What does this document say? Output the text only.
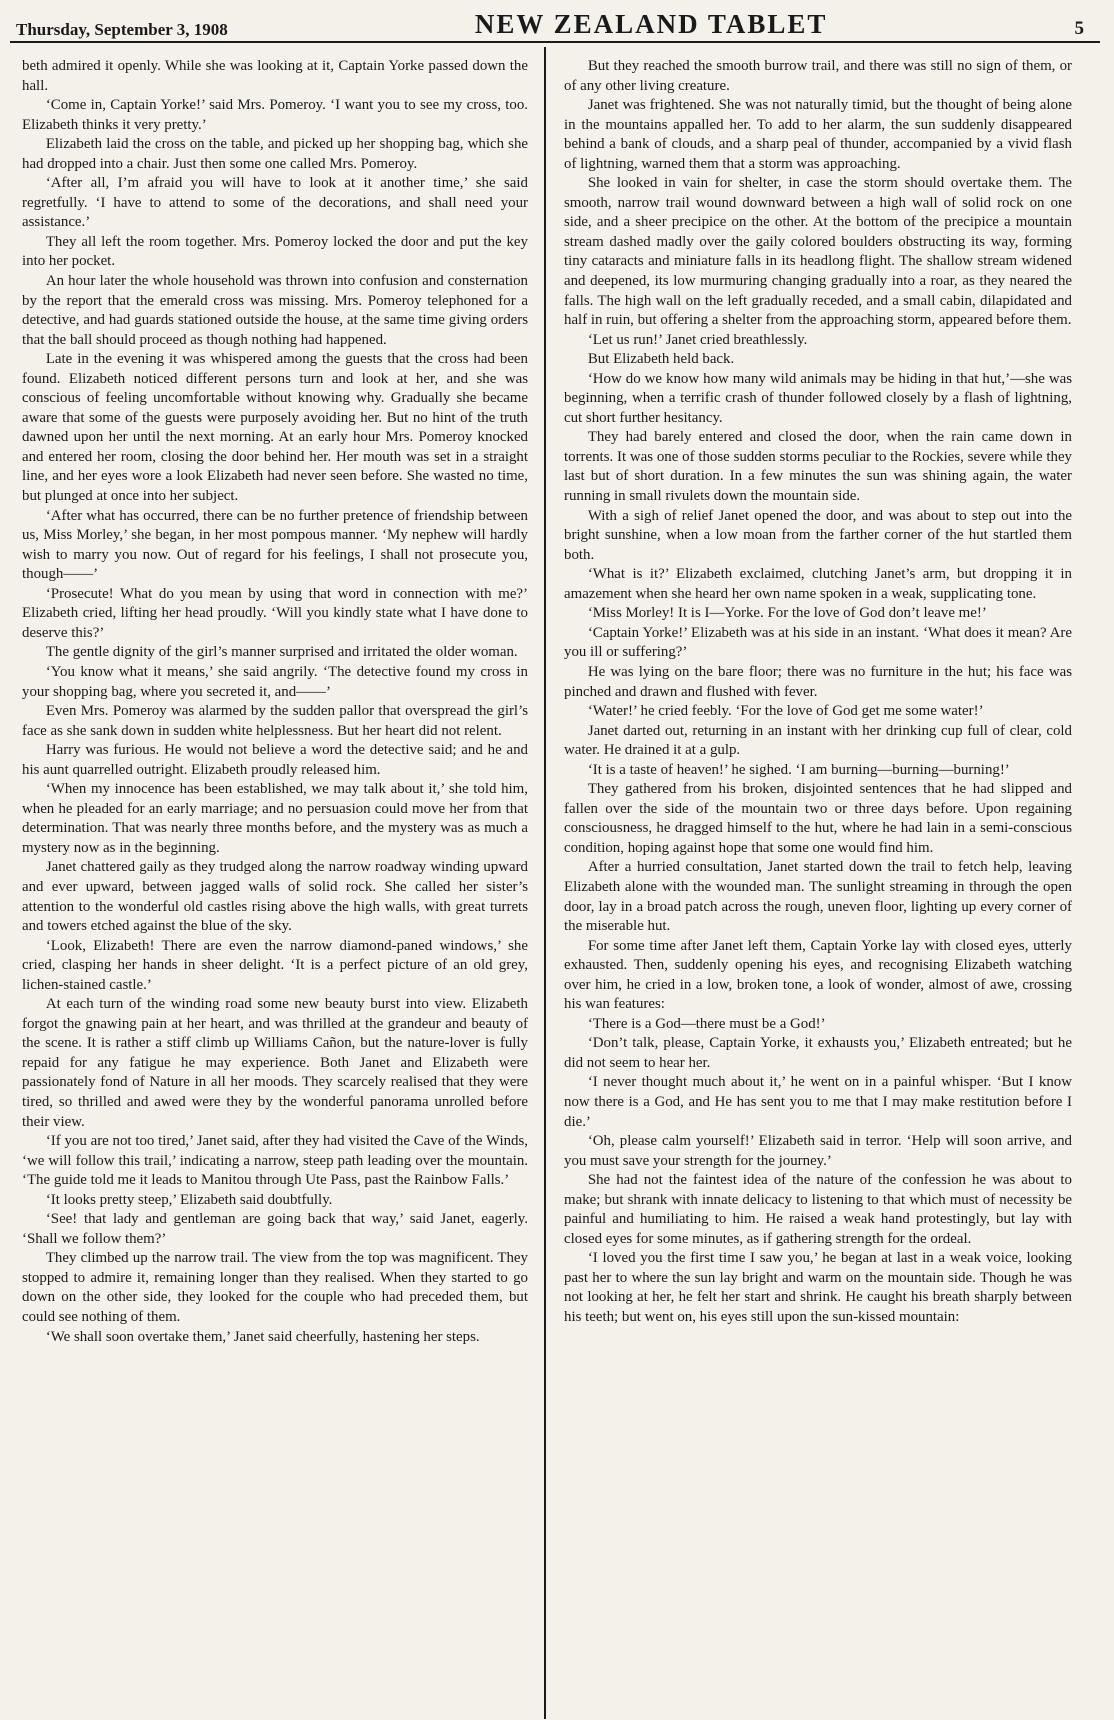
Thursday, September 3, 1908	NEW ZEALAND TABLET	5

beth admired it openly. While she was looking at it, Captain Yorke passed down the hall.

‘Come in, Captain Yorke!’ said Mrs. Pomeroy. ‘I want you to see my cross, too. Elizabeth thinks it very pretty.’

Elizabeth laid the cross on the table, and picked up her shopping bag, which she had dropped into a chair. Just then some one called Mrs. Pomeroy.

‘After all, I’m afraid you will have to look at it another time,’ she said regretfully. ‘I have to attend to some of the decorations, and shall need your assistance.’

They all left the room together. Mrs. Pomeroy locked the door and put the key into her pocket.

An hour later the whole household was thrown into confusion and consternation by the report that the emerald cross was missing. Mrs. Pomeroy telephoned for a detective, and had guards stationed outside the house, at the same time giving orders that the ball should proceed as though nothing had happened.

Late in the evening it was whispered among the guests that the cross had been found. Elizabeth noticed different persons turn and look at her, and she was conscious of feeling uncomfortable without knowing why. Gradually she became aware that some of the guests were purposely avoiding her. But no hint of the truth dawned upon her until the next morning. At an early hour Mrs. Pomeroy knocked and entered her room, closing the door behind her. Her mouth was set in a straight line, and her eyes wore a look Elizabeth had never seen before. She wasted no time, but plunged at once into her subject.

‘After what has occurred, there can be no further pretence of friendship between us, Miss Morley,’ she began, in her most pompous manner. ‘My nephew will hardly wish to marry you now. Out of regard for his feelings, I shall not prosecute you, though——’

‘Prosecute! What do you mean by using that word in connection with me?’ Elizabeth cried, lifting her head proudly. ‘Will you kindly state what I have done to deserve this?’

The gentle dignity of the girl’s manner surprised and irritated the older woman.

‘You know what it means,’ she said angrily. ‘The detective found my cross in your shopping bag, where you secreted it, and——’

Even Mrs. Pomeroy was alarmed by the sudden pallor that overspread the girl’s face as she sank down in sudden white helplessness. But her heart did not relent.

Harry was furious. He would not believe a word the detective said; and he and his aunt quarrelled outright. Elizabeth proudly released him.

‘When my innocence has been established, we may talk about it,’ she told him, when he pleaded for an early marriage; and no persuasion could move her from that determination. That was nearly three months before, and the mystery was as much a mystery now as in the beginning.

Janet chattered gaily as they trudged along the narrow roadway winding upward and ever upward, between jagged walls of solid rock. She called her sister’s attention to the wonderful old castles rising above the high walls, with great turrets and towers etched against the blue of the sky.

‘Look, Elizabeth! There are even the narrow diamond-paned windows,’ she cried, clasping her hands in sheer delight. ‘It is a perfect picture of an old grey, lichen-stained castle.’

At each turn of the winding road some new beauty burst into view. Elizabeth forgot the gnawing pain at her heart, and was thrilled at the grandeur and beauty of the scene. It is rather a stiff climb up Williams Cañon, but the nature-lover is fully repaid for any fatigue he may experience. Both Janet and Elizabeth were passionately fond of Nature in all her moods. They scarcely realised that they were tired, so thrilled and awed were they by the wonderful panorama unrolled before their view.

‘If you are not too tired,’ Janet said, after they had visited the Cave of the Winds, ‘we will follow this trail,’ indicating a narrow, steep path leading over the mountain. ‘The guide told me it leads to Manitou through Ute Pass, past the Rainbow Falls.’

‘It looks pretty steep,’ Elizabeth said doubtfully.

‘See! that lady and gentleman are going back that way,’ said Janet, eagerly. ‘Shall we follow them?’

They climbed up the narrow trail. The view from the top was magnificent. They stopped to admire it, remaining longer than they realised. When they started to go down on the other side, they looked for the couple who had preceded them, but could see nothing of them.

‘We shall soon overtake them,’ Janet said cheerfully, hastening her steps.

But they reached the smooth burrow trail, and there was still no sign of them, or of any other living creature.

Janet was frightened. She was not naturally timid, but the thought of being alone in the mountains appalled her. To add to her alarm, the sun suddenly disappeared behind a bank of clouds, and a sharp peal of thunder, accompanied by a vivid flash of lightning, warned them that a storm was approaching.

She looked in vain for shelter, in case the storm should overtake them. The smooth, narrow trail wound downward between a high wall of solid rock on one side, and a sheer precipice on the other. At the bottom of the precipice a mountain stream dashed madly over the gaily colored boulders obstructing its way, forming tiny cataracts and miniature falls in its headlong flight. The shallow stream widened and deepened, its low murmuring changing gradually into a roar, as they neared the falls. The high wall on the left gradually receded, and a small cabin, dilapidated and half in ruin, but offering a shelter from the approaching storm, appeared before them.

‘Let us run!’ Janet cried breathlessly.

But Elizabeth held back.

‘How do we know how many wild animals may be hiding in that hut,’—she was beginning, when a terrific crash of thunder followed closely by a flash of lightning, cut short further hesitancy.

They had barely entered and closed the door, when the rain came down in torrents. It was one of those sudden storms peculiar to the Rockies, severe while they last but of short duration. In a few minutes the sun was shining again, the water running in small rivulets down the mountain side.

With a sigh of relief Janet opened the door, and was about to step out into the bright sunshine, when a low moan from the farther corner of the hut startled them both.

‘What is it?’ Elizabeth exclaimed, clutching Janet’s arm, but dropping it in amazement when she heard her own name spoken in a weak, supplicating tone.

‘Miss Morley! It is I—Yorke. For the love of God don’t leave me!’

‘Captain Yorke!’ Elizabeth was at his side in an instant. ‘What does it mean? Are you ill or suffering?’

He was lying on the bare floor; there was no furniture in the hut; his face was pinched and drawn and flushed with fever.

‘Water!’ he cried feebly. ‘For the love of God get me some water!’

Janet darted out, returning in an instant with her drinking cup full of clear, cold water. He drained it at a gulp.

‘It is a taste of heaven!’ he sighed. ‘I am burning—burning—burning!’

They gathered from his broken, disjointed sentences that he had slipped and fallen over the side of the mountain two or three days before. Upon regaining consciousness, he dragged himself to the hut, where he had lain in a semi-conscious condition, hoping against hope that some one would find him.

After a hurried consultation, Janet started down the trail to fetch help, leaving Elizabeth alone with the wounded man. The sunlight streaming in through the open door, lay in a broad patch across the rough, uneven floor, lighting up every corner of the miserable hut.

For some time after Janet left them, Captain Yorke lay with closed eyes, utterly exhausted. Then, suddenly opening his eyes, and recognising Elizabeth watching over him, he cried in a low, broken tone, a look of wonder, almost of awe, crossing his wan features:

‘There is a God—there must be a God!’

‘Don’t talk, please, Captain Yorke, it exhausts you,’ Elizabeth entreated; but he did not seem to hear her.

‘I never thought much about it,’ he went on in a painful whisper. ‘But I know now there is a God, and He has sent you to me that I may make restitution before I die.’

‘Oh, please calm yourself!’ Elizabeth said in terror. ‘Help will soon arrive, and you must save your strength for the journey.’

She had not the faintest idea of the nature of the confession he was about to make; but shrank with innate delicacy to listening to that which must of necessity be painful and humiliating to him. He raised a weak hand protestingly, but lay with closed eyes for some minutes, as if gathering strength for the ordeal.

‘I loved you the first time I saw you,’ he began at last in a weak voice, looking past her to where the sun lay bright and warm on the mountain side. Though he was not looking at her, he felt her start and shrink. He caught his breath sharply between his teeth; but went on, his eyes still upon the sun-kissed mountain:
